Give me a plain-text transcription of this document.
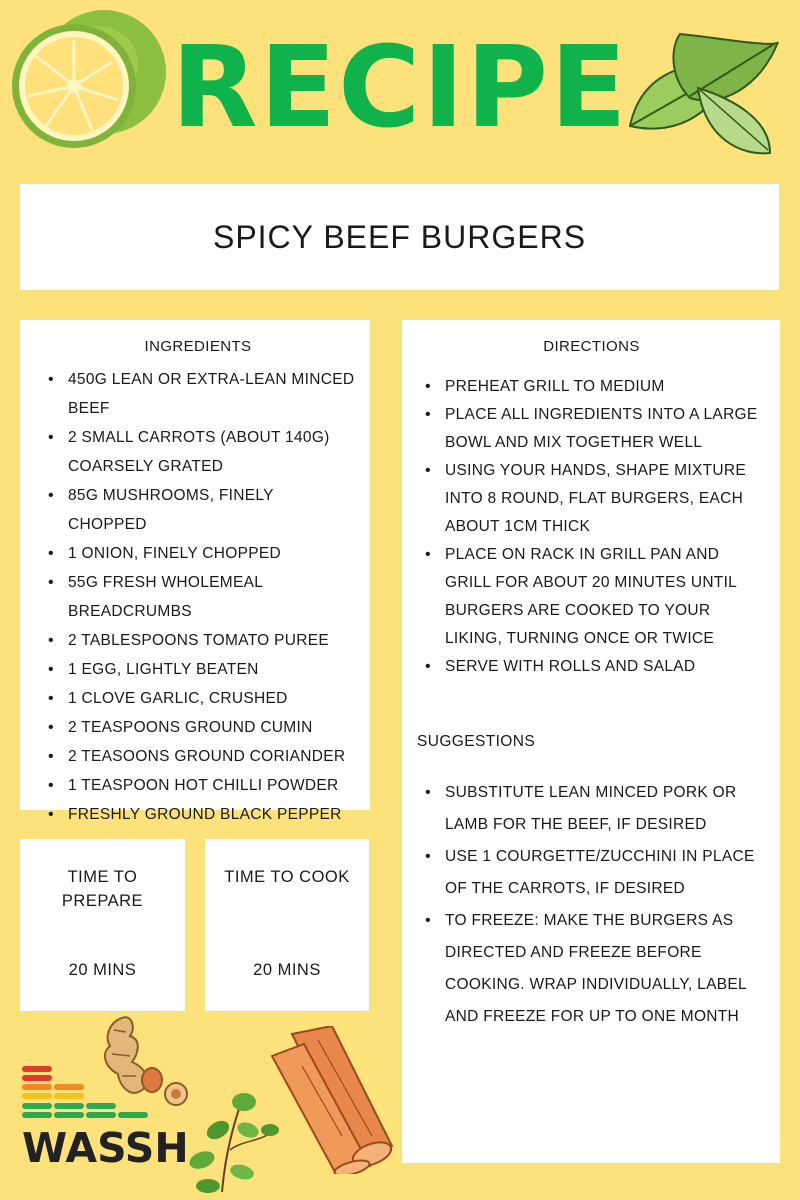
RECIPE
SPICY BEEF BURGERS
INGREDIENTS
• 450G LEAN OR EXTRA-LEAN MINCED BEEF
• 2 SMALL CARROTS (ABOUT 140G) COARSELY GRATED
• 85G MUSHROOMS, FINELY CHOPPED
• 1 ONION, FINELY CHOPPED
• 55G FRESH WHOLEMEAL BREADCRUMBS
• 2 TABLESPOONS TOMATO PUREE
• 1 EGG, LIGHTLY BEATEN
• 1 CLOVE GARLIC, CRUSHED
• 2 TEASPOONS GROUND CUMIN
• 2 TEASOONS GROUND CORIANDER
• 1 TEASPOON HOT CHILLI POWDER
• FRESHLY GROUND BLACK PEPPER
DIRECTIONS
• PREHEAT GRILL TO MEDIUM
• PLACE ALL INGREDIENTS INTO A LARGE BOWL AND MIX TOGETHER WELL
• USING YOUR HANDS, SHAPE MIXTURE INTO 8 ROUND, FLAT BURGERS, EACH ABOUT 1CM THICK
• PLACE ON RACK IN GRILL PAN AND GRILL FOR ABOUT 20 MINUTES UNTIL BURGERS ARE COOKED TO YOUR LIKING, TURNING ONCE OR TWICE
• SERVE WITH ROLLS AND SALAD
SUGGESTIONS
• SUBSTITUTE LEAN MINCED PORK OR LAMB FOR THE BEEF, IF DESIRED
• USE 1 COURGETTE/ZUCCHINI IN PLACE OF THE CARROTS, IF DESIRED
• TO FREEZE: MAKE THE BURGERS AS DIRECTED AND FREEZE BEFORE COOKING. WRAP INDIVIDUALLY, LABEL AND FREEZE FOR UP TO ONE MONTH
TIME TO PREPARE
20 MINS
TIME TO COOK
20 MINS
WASSH
